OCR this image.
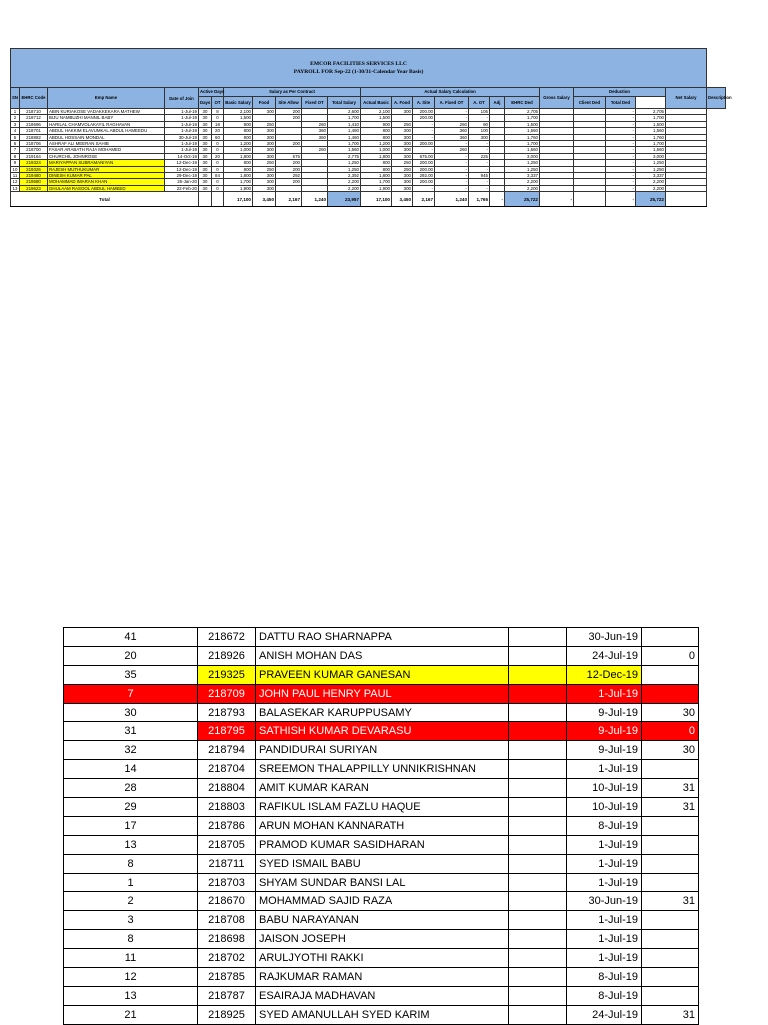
EMCOR FACILITIES SERVICES LLC
PAYROLL FOR Sep-22 (1-30/31-Calendar Year Basis)																							

SN	EHRC Code	Emp Name	Date of Join	Active Days		Salary as Per Contract					Actual Salary Calculation							Gross Salary	Deduction			Net Salary	Description
				Days	OT	Basic Salary	Food	Site Allow	Fixed OT	Total Salary	Actual Basic	A. Food	A. Site	A. Fixed OT	A. OT	Adj	EHRC Ded		Client Ded	Total Ded			
1	218710	ABIN KURIAKOSE VADAKKEKARA MATHEW	1-Jul-19	30	8	2,100	300	200		2,600	2,100	300	200.00	-	105		2,705			-	2,705		
2	218712	BIJU NAMBUZHI MANNIL BABY	1-Jul-19	30	0	1,500		200		1,700	1,500		200.00	-	-		1,700			-	1,700		
3	218696	HARILAL CHAMVOLAKAYIL RAGHAVAN	1-Jul-19	30	18	900	250		260	1,410	900	250	-	260	90		1,500			-	1,500		
4	218701	ABDUL HAKKIM ELAVUMKAL ABDUL HAMEEDU	1-Jul-19	30	20	800	300		360	1,460	800	300	-	360	100		1,560			-	1,560		
5	218882	ABDUL HOSSAIN MONDAL	30-Jul-19	30	60	800	300		360	1,460	800	300	-	360	300		1,760			-	1,760		
6	218706	ASHRAF ALI MEERAN SAHIB	1-Jul-19	30	0	1,200	300	200		1,700	1,200	300	200.00	-	-		1,700			-	1,700		
7	218700	FASAR ARABATH RAJA MOHAMED	1-Jul-19	30	0	1,000	300		260	1,560	1,000	300	-	260	-		1,560			-	1,560		
8	219164	CHURCHIL JOHNROSE	14-Oct-19	30	20	1,800	300	675		2,775	1,800	300	675.00	-	225		3,000			-	3,000		
9	219324	MARIYAPPAN SUBRAMANIYAN	12-Dec-19	30	0	800	250	200		1,250	800	250	200.00	-	-		1,250			-	1,250		
10	219326	RAJESH MUTHUKUMAR	12-Dec-19	30	0	800	250	200		1,250	800	250	200.00	-	-		1,250			-	1,250		
11	219480	DINESH KUMAR PAL	29-Dec-19	30	84	1,800	300	292		2,392	1,800	300	292.00	-	945		3,337			-	3,337		
12	219580	MOHAMMAD IMARAN KHAN	26-Jan-20	30	0	1,700	300	200		2,200	1,700	300	200.00	-	-		2,200			-	2,200		
13	219623	GHULAAM RASOOL ABDUL HAMEED	22-Feb-20	30	0	1,900	300			2,200	1,900	300	-	-	-		2,200			-	2,200		
Total						17,100	3,450	2,167	1,240	23,957	17,100	3,450	2,167	1,240	1,765	-	25,722	-		-	25,722		
41	218672	DATTU RAO SHARNAPPA		30-Jun-19	
20	218926	ANISH MOHAN DAS		24-Jul-19	0
35	219325	PRAVEEN KUMAR GANESAN		12-Dec-19	
7	218709	JOHN PAUL HENRY PAUL		1-Jul-19	
30	218793	BALASEKAR KARUPPUSAMY		9-Jul-19	30
31	218795	SATHISH KUMAR DEVARASU		9-Jul-19	0
32	218794	PANDIDURAI SURIYAN		9-Jul-19	30
14	218704	SREEMON THALAPPILLY UNNIKRISHNAN		1-Jul-19	
28	218804	AMIT KUMAR KARAN		10-Jul-19	31
29	218803	RAFIKUL ISLAM FAZLU HAQUE		10-Jul-19	31
17	218786	ARUN MOHAN KANNARATH		8-Jul-19	
13	218705	PRAMOD KUMAR SASIDHARAN		1-Jul-19	
8	218711	SYED ISMAIL BABU		1-Jul-19	
1	218703	SHYAM SUNDAR BANSI LAL		1-Jul-19	
2	218670	MOHAMMAD SAJID RAZA		30-Jun-19	31
3	218708	BABU NARAYANAN		1-Jul-19	
8	218698	JAISON JOSEPH		1-Jul-19	
11	218702	ARULJYOTHI RAKKI		1-Jul-19	
12	218785	RAJKUMAR RAMAN		8-Jul-19	
13	218787	ESAIRAJA MADHAVAN		8-Jul-19	
21	218925	SYED AMANULLAH SYED KARIM		24-Jul-19	31
